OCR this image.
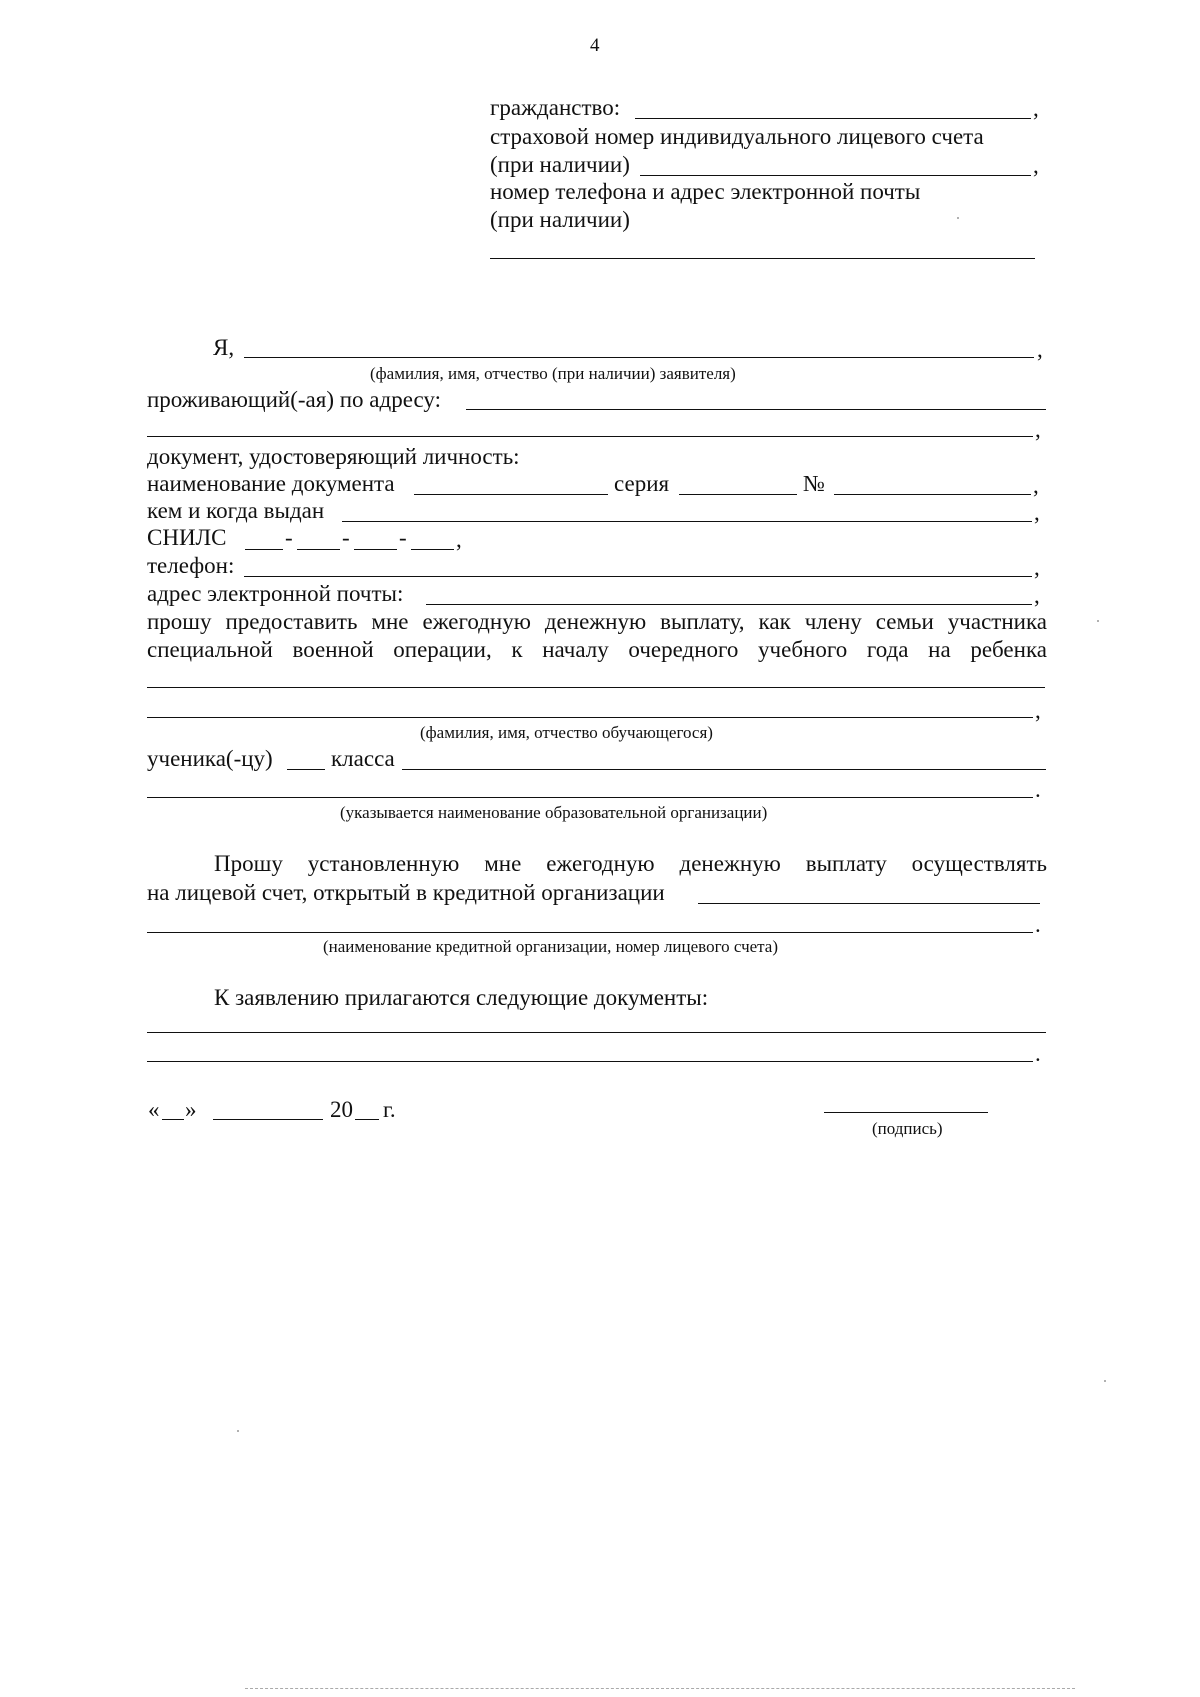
4
гражданство:	,
страховой номер индивидуального лицевого счета
(при наличии)	,
номер телефона и адрес электронной почты
(при наличии)
Я,	,
(фамилия, имя, отчество (при наличии) заявителя)
проживающий(-ая) по адресу:
,
документ, удостоверяющий личность:
наименование документа	серия	№	,
кем и когда выдан	,
СНИЛС	- - - ,
телефон:	,
адрес электронной почты:	,
прошу предоставить мне ежегодную денежную выплату, как члену семьи участника
специальной военной операции, к началу очередного учебного года на ребенка
,
(фамилия, имя, отчество обучающегося)
ученика(-цу)	класса
.
(указывается наименование образовательной организации)
Прошу установленную мне ежегодную денежную выплату осуществлять
на лицевой счет, открытый в кредитной организации
.
(наименование кредитной организации, номер лицевого счета)
К заявлению прилагаются следующие документы:
.
« »	20 г.
(подпись)
